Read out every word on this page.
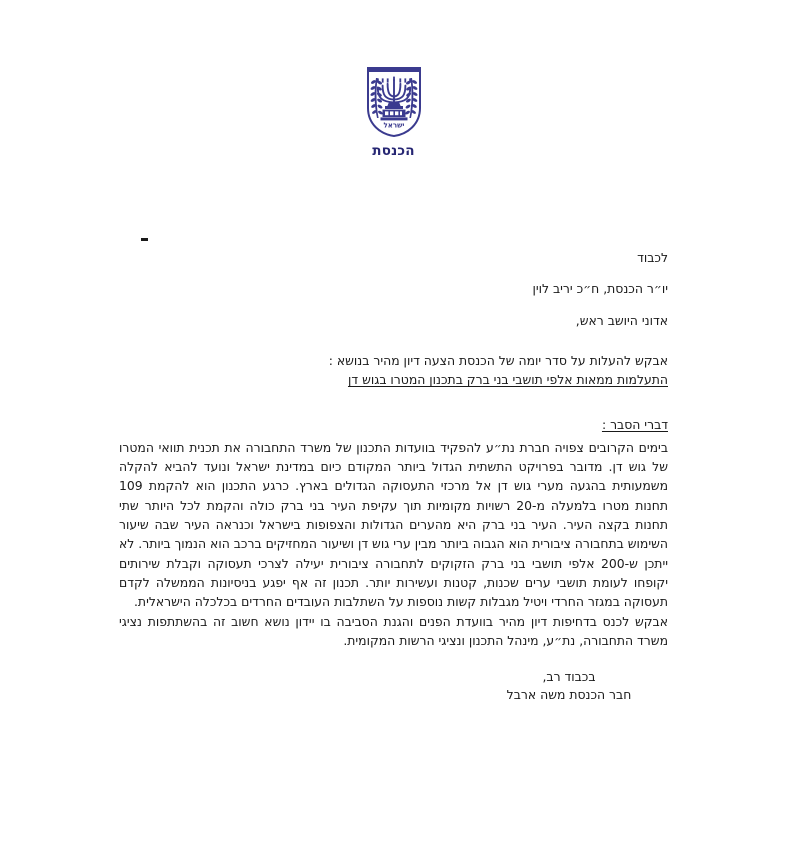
ישראל
הכנסת
לכבוד
יו״ר הכנסת, ח״כ יריב לוין
אדוני היושב ראש,
אבקש להעלות על סדר יומה של הכנסת הצעה דיון מהיר בנושא :
התעלמות ממאות אלפי תושבי בני ברק בתכנון המטרו בגוש דן
דברי הסבר :

בימים הקרובים צפויה חברת נת״ע להפקיד בוועדות התכנון של משרד התחבורה את תכנית תוואי המטרו של גוש דן. מדובר בפרויקט התשתית הגדול ביותר המקודם כיום במדינת ישראל ונועד להביא להקלה משמעותית בהגעה מערי גוש דן אל מרכזי התעסוקה הגדולים בארץ. כרגע התכנון הוא להקמת 109 תחנות מטרו בלמעלה מ-20 רשויות מקומיות תוך עקיפת העיר בני ברק כולה והקמת לכל היותר שתי תחנות בקצה העיר. העיר בני ברק היא מהערים הגדולות והצפופות בישראל וכנראה העיר שבה שיעור השימוש בתחבורה ציבורית הוא הגבוה ביותר מבין ערי גוש דן ושיעור המחזיקים ברכב הוא הנמוך ביותר. לא ייתכן ש-200 אלפי תושבי בני ברק הזקוקים לתחבורה ציבורית יעילה לצרכי תעסוקה וקבלת שירותים יקופחו לעומת תושבי ערים שכנות, קטנות ועשירות יותר. תכנון זה אף יפגע בניסיונות הממשלה לקדם תעסוקה במגזר החרדי ויטיל מגבלות קשות נוספות על השתלבות העובדים החרדים בכלכלה הישראלית.

אבקש לכנס בדחיפות דיון מהיר בוועדת הפנים והגנת הסביבה בו יידון נושא חשוב זה בהשתתפות נציגי משרד התחבורה, נת״ע, מינהל התכנון ונציגי הרשות המקומית.

בכבוד רב,
חבר הכנסת משה ארבל
